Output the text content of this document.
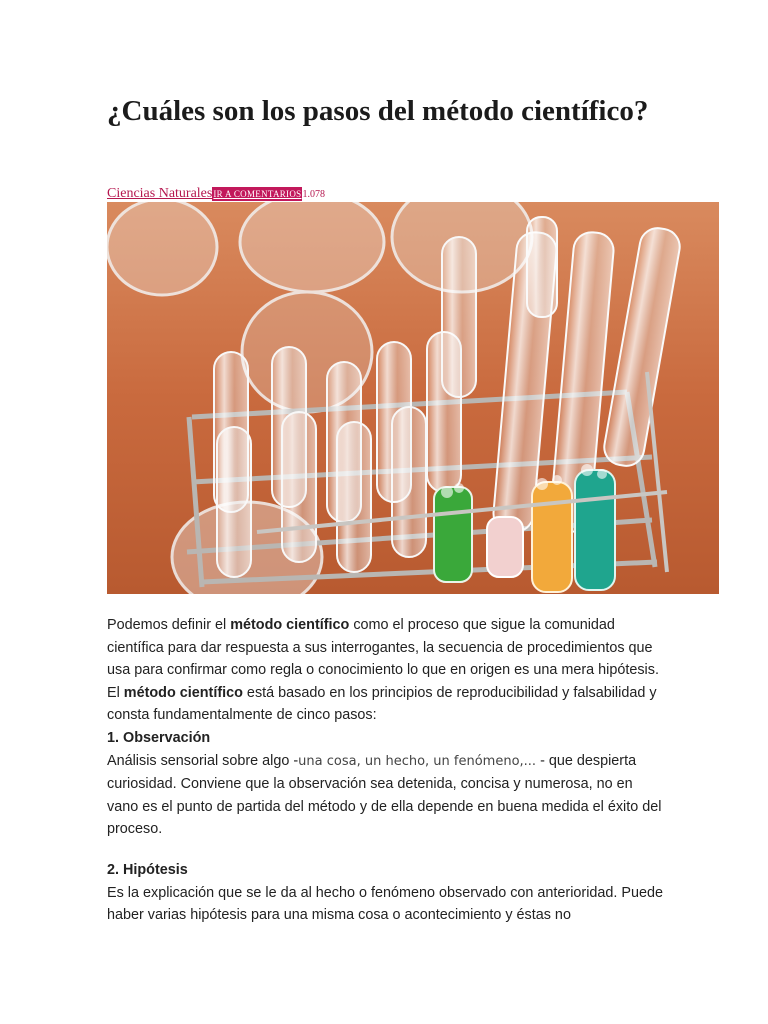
¿Cuáles son los pasos del método científico?
Ciencias NaturalesIR A COMENTARIOS1.078

Podemos definir el método científico como el proceso que sigue la comunidad científica para dar respuesta a sus interrogantes, la secuencia de procedimientos que usa para confirmar como regla o conocimiento lo que en origen es una mera hipótesis. El método científico está basado en los principios de reproducibilidad y falsabilidad y consta fundamentalmente de cinco pasos:

1. Observación

Análisis sensorial sobre algo -una cosa, un hecho, un fenómeno,... - que despierta curiosidad. Conviene que la observación sea detenida, concisa y numerosa, no en vano es el punto de partida del método y de ella depende en buena medida el éxito del proceso.

2. Hipótesis

Es la explicación que se le da al hecho o fenómeno observado con anterioridad. Puede haber varias hipótesis para una misma cosa o acontecimiento y éstas no
